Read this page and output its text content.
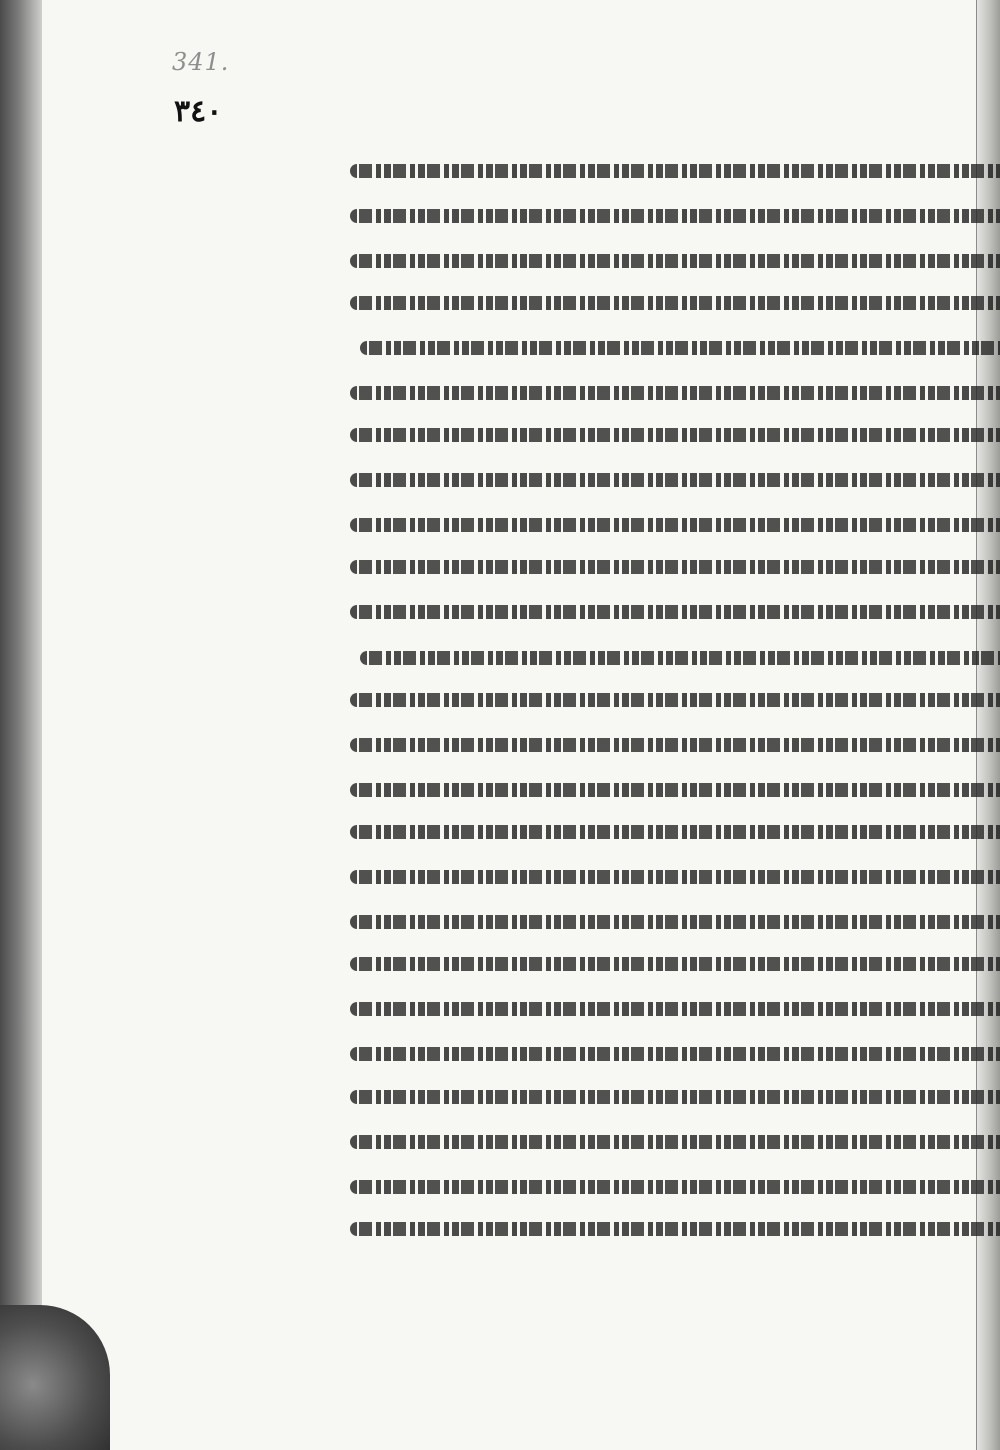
341.
٣٤٠
